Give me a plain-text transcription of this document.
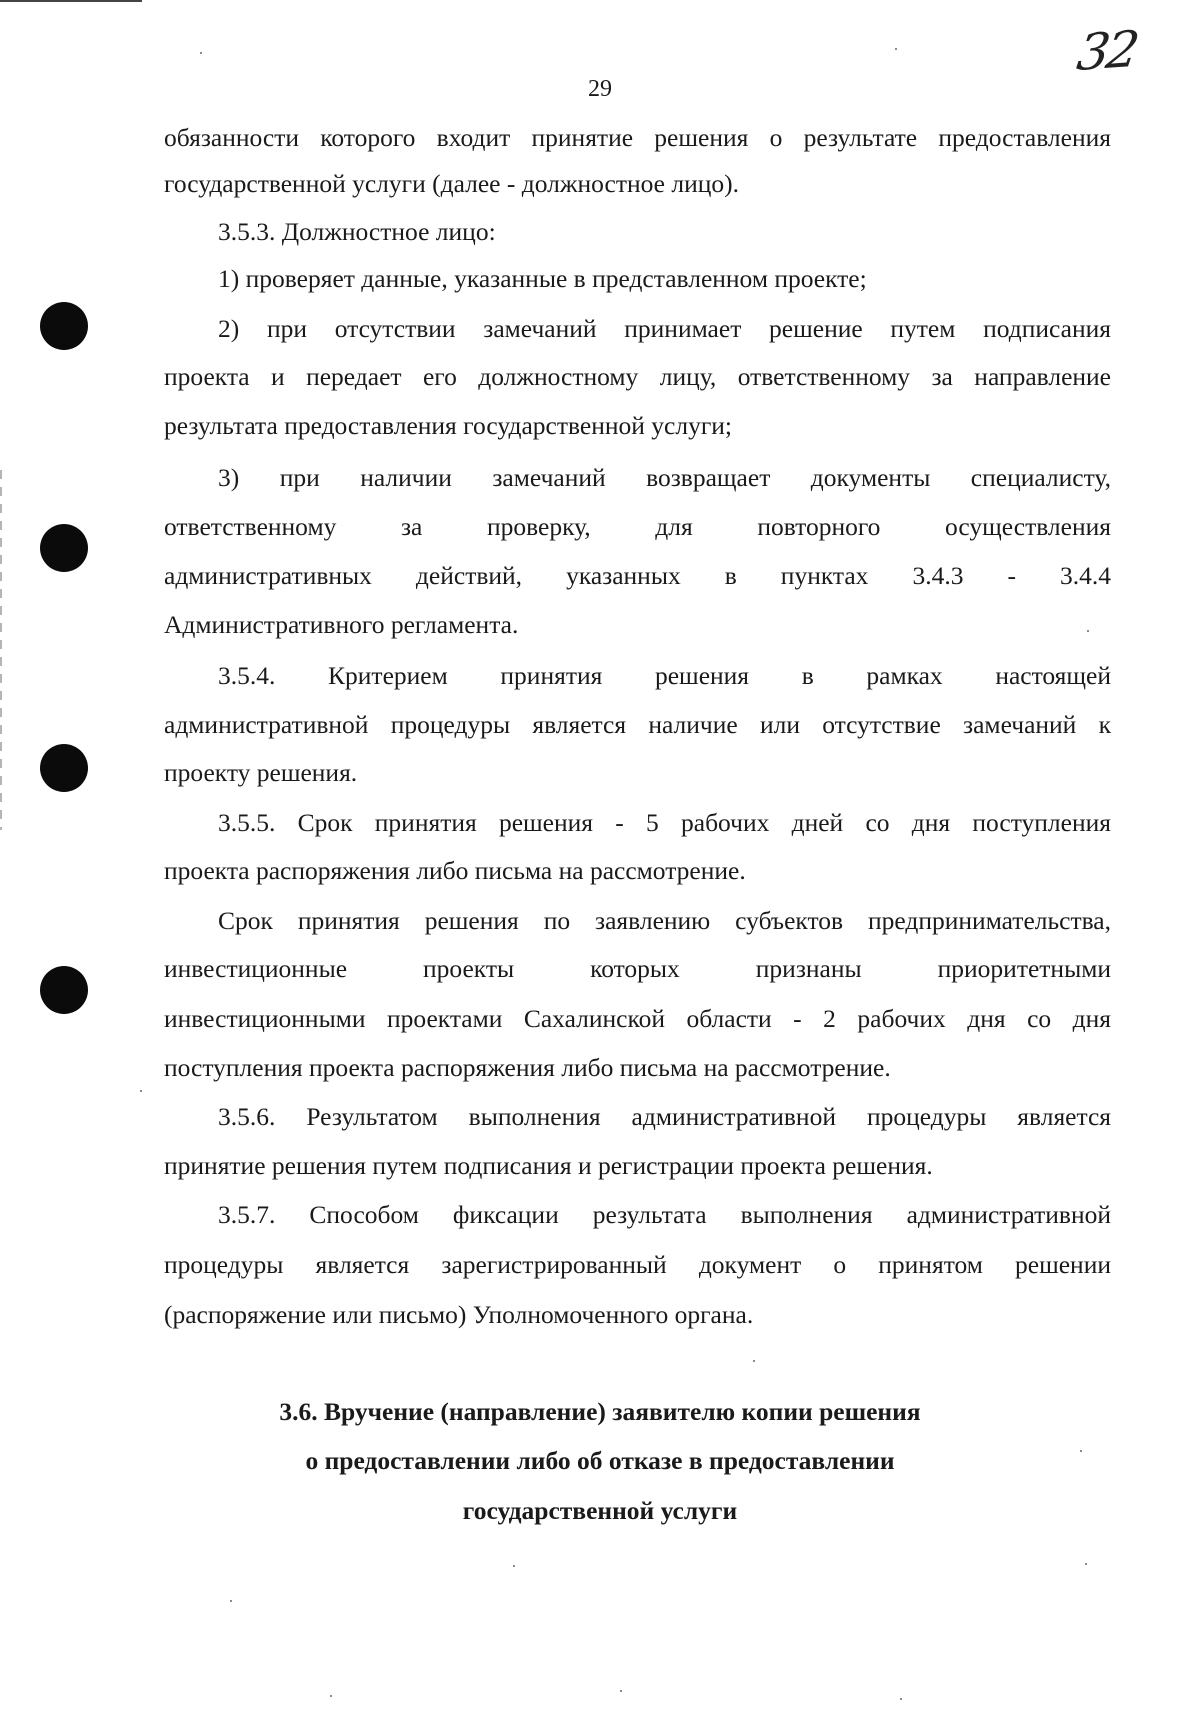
29
32
обязанности которого входит принятие решения о результате предоставления
государственной услуги (далее - должностное лицо).
3.5.3. Должностное лицо:
1) проверяет данные, указанные в представленном проекте;
2) при отсутствии замечаний принимает решение путем подписания
проекта и передает его должностному лицу, ответственному за направление
результата предоставления государственной услуги;
3) при наличии замечаний возвращает документы специалисту,
ответственному за проверку, для повторного осуществления
административных действий, указанных в пунктах 3.4.3 - 3.4.4
Административного регламента.
3.5.4. Критерием принятия решения в рамках настоящей
административной процедуры является наличие или отсутствие замечаний к
проекту решения.
3.5.5. Срок принятия решения - 5 рабочих дней со дня поступления
проекта распоряжения либо письма на рассмотрение.
Срок принятия решения по заявлению субъектов предпринимательства,
инвестиционные проекты которых признаны приоритетными
инвестиционными проектами Сахалинской области - 2 рабочих дня со дня
поступления проекта распоряжения либо письма на рассмотрение.
3.5.6. Результатом выполнения административной процедуры является
принятие решения путем подписания и регистрации проекта решения.
3.5.7. Способом фиксации результата выполнения административной
процедуры является зарегистрированный документ о принятом решении
(распоряжение или письмо) Уполномоченного органа.
3.6. Вручение (направление) заявителю копии решения
о предоставлении либо об отказе в предоставлении
государственной услуги
